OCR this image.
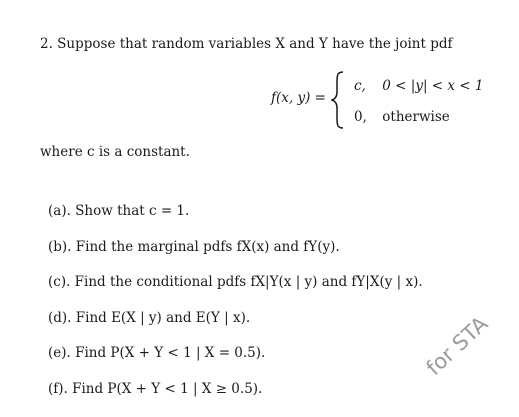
2. Suppose that random variables X and Y have the joint pdf
f(x, y) =
c, 0 < |y| < x < 1
0, otherwise
where c is a constant.
(a). Show that c = 1.
(b). Find the marginal pdfs fX(x) and fY(y).
(c). Find the conditional pdfs fX|Y(x | y) and fY|X(y | x).
(d). Find E(X | y) and E(Y | x).
(e). Find P(X + Y < 1 | X = 0.5).
(f). Find P(X + Y < 1 | X ≥ 0.5).
for STA
